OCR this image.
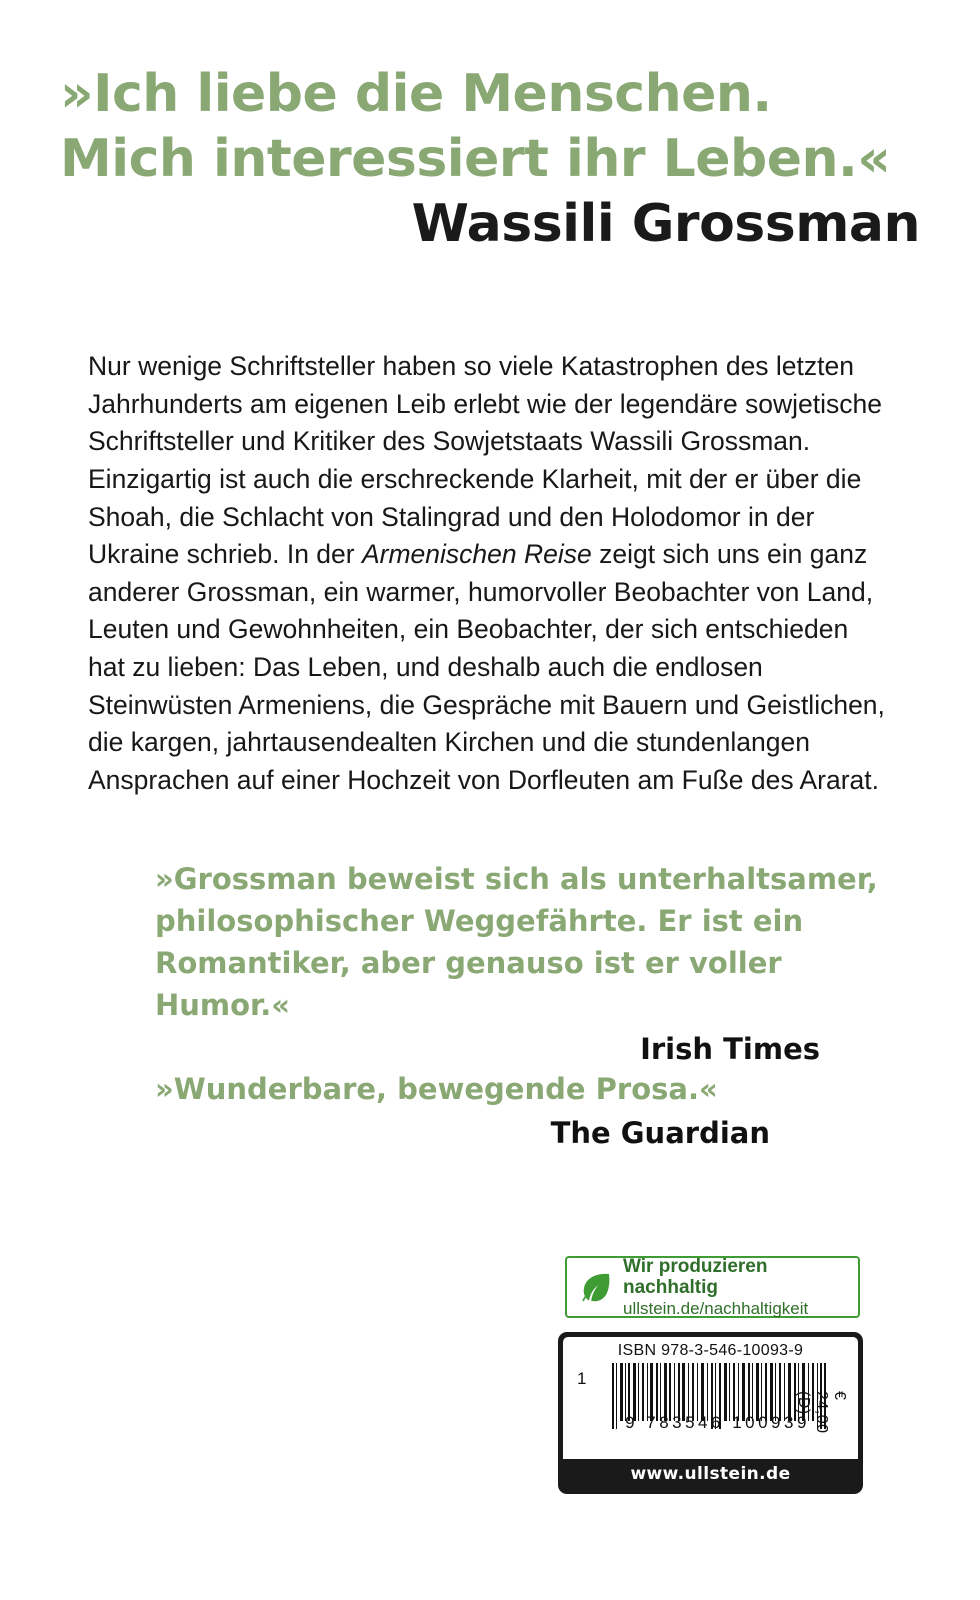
»Ich liebe die Menschen.
Mich interessiert ihr Leben.«
Wassili Grossman
Nur wenige Schriftsteller haben so viele Katastrophen des letzten Jahrhunderts am eigenen Leib erlebt wie der legendäre sowjetische Schriftsteller und Kritiker des Sowjetstaats Wassili Grossman. Einzigartig ist auch die erschreckende Klarheit, mit der er über die Shoah, die Schlacht von Stalingrad und den Holodomor in der Ukraine schrieb. In der Armenischen Reise zeigt sich uns ein ganz anderer Grossman, ein warmer, humorvoller Beobachter von Land, Leuten und Gewohnheiten, ein Beobachter, der sich entschieden hat zu lieben: Das Leben, und deshalb auch die endlosen Steinwüsten Armeniens, die Gespräche mit Bauern und Geistlichen, die kargen, jahrtausendealten Kirchen und die stundenlangen Ansprachen auf einer Hochzeit von Dorfleuten am Fuße des Ararat.

»Grossman beweist sich als unterhaltsamer, philosophischer Weggefährte. Er ist ein Romantiker, aber genauso ist er voller Humor.«

Irish Times

»Wunderbare, bewegende Prosa.«

The Guardian

Wir produzieren nachhaltig
ullstein.de/nachhaltigkeit
ISBN 978-3-546-10093-9
1
9 783546 100939
€ 24,00 (D)
www.ullstein.de
